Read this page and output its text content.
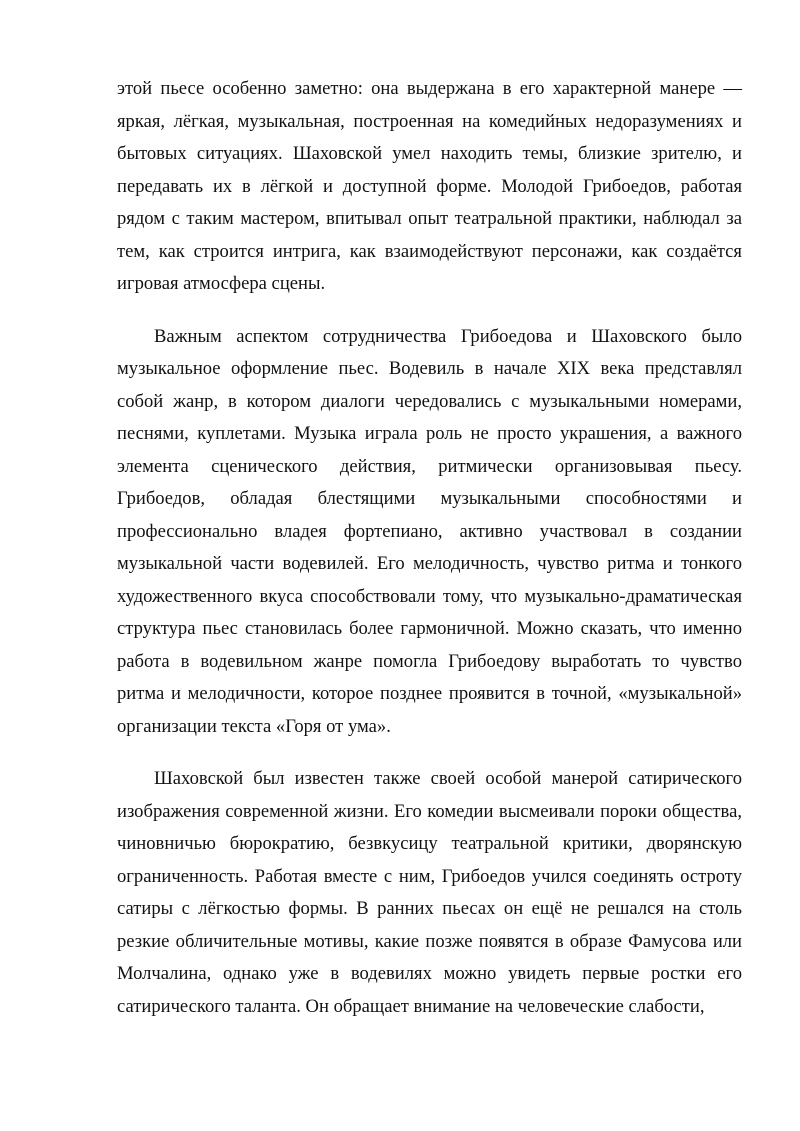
этой пьесе особенно заметно: она выдержана в его характерной манере — яркая, лёгкая, музыкальная, построенная на комедийных недоразумениях и бытовых ситуациях. Шаховской умел находить темы, близкие зрителю, и передавать их в лёгкой и доступной форме. Молодой Грибоедов, работая рядом с таким мастером, впитывал опыт театральной практики, наблюдал за тем, как строится интрига, как взаимодействуют персонажи, как создаётся игровая атмосфера сцены.

Важным аспектом сотрудничества Грибоедова и Шаховского было музыкальное оформление пьес. Водевиль в начале XIX века представлял собой жанр, в котором диалоги чередовались с музыкальными номерами, песнями, куплетами. Музыка играла роль не просто украшения, а важного элемента сценического действия, ритмически организовывая пьесу. Грибоедов, обладая блестящими музыкальными способностями и профессионально владея фортепиано, активно участвовал в создании музыкальной части водевилей. Его мелодичность, чувство ритма и тонкого художественного вкуса способствовали тому, что музыкально-драматическая структура пьес становилась более гармоничной. Можно сказать, что именно работа в водевильном жанре помогла Грибоедову выработать то чувство ритма и мелодичности, которое позднее проявится в точной, «музыкальной» организации текста «Горя от ума».

Шаховской был известен также своей особой манерой сатирического изображения современной жизни. Его комедии высмеивали пороки общества, чиновничью бюрократию, безвкусицу театральной критики, дворянскую ограниченность. Работая вместе с ним, Грибоедов учился соединять остроту сатиры с лёгкостью формы. В ранних пьесах он ещё не решался на столь резкие обличительные мотивы, какие позже появятся в образе Фамусова или Молчалина, однако уже в водевилях можно увидеть первые ростки его сатирического таланта. Он обращает внимание на человеческие слабости,
